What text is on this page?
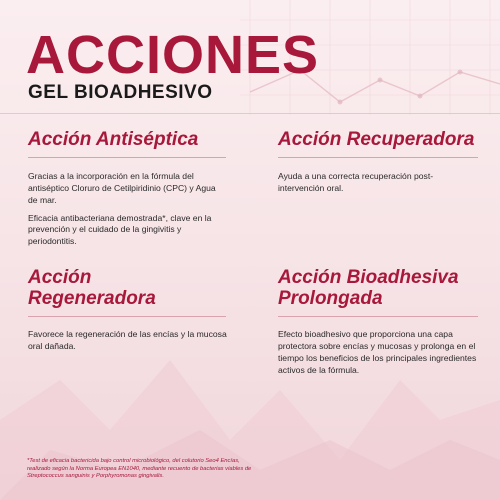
ACCIONES
GEL BIOADHESIVO
Acción Antiséptica

Gracias a la incorporación en la fórmula del antiséptico Cloruro de Cetilpiridinio (CPC) y Agua de mar.

Eficacia antibacteriana demostrada*, clave en la prevención y el cuidado de la gingivitis y periodontitis.

Acción Recuperadora

Ayuda a una correcta recuperación post-intervención oral.

Acción
Regeneradora

Favorece la regeneración de las encías y la mucosa oral dañada.

Acción Bioadhesiva
Prolongada

Efecto bioadhesivo que proporciona una capa protectora sobre encías y mucosas y prolonga en el tiempo los beneficios de los principales ingredientes activos de la fórmula.

*Test de eficacia bactericida bajo control microbiológico, del colutorio Seo4 Encías, realizado según la Norma Europea EN1040, mediante recuento de bacterias viables de Streptococcus sanguinis y Porphyromonas gingivalis.
